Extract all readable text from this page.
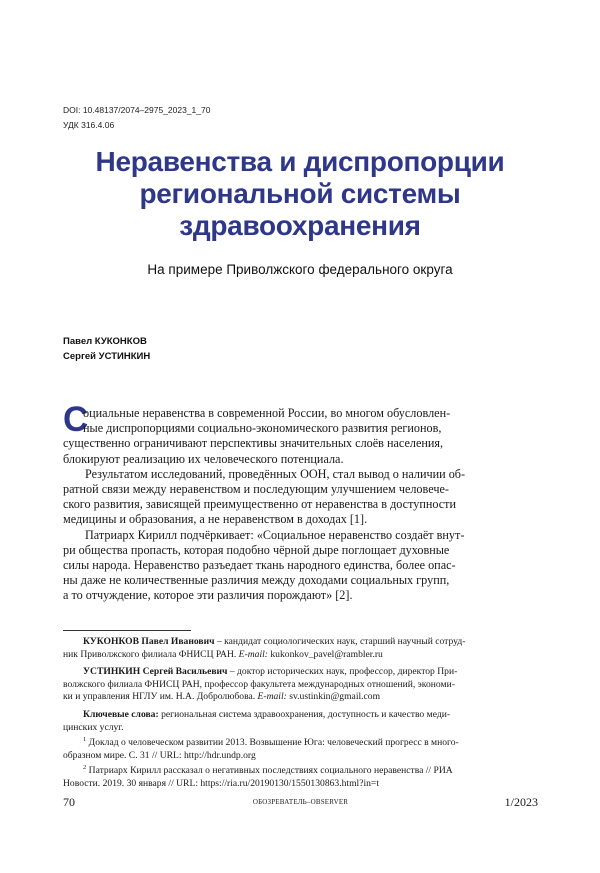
DOI: 10.48137/2074–2975_2023_1_70
УДК 316.4.06
Неравенства и диспропорции
региональной системы
здравоохранения
На примере Приволжского федерального округа
Павел КУКОНКОВ
Сергей УСТИНКИН
С
оциальные неравенства в современной России, во многом обусловлен-
ные диспропорциями социально-экономического развития регионов,
существенно ограничивают перспективы значительных слоёв населения,
блокируют реализацию их человеческого потенциала.
Результатом исследований, проведённых ООН, стал вывод о наличии об-
ратной связи между неравенством и последующим улучшением человече-
ского развития, зависящей преимущественно от неравенства в доступности
медицины и образования, а не неравенством в доходах [1].
Патриарх Кирилл подчёркивает: «Социальное неравенство создаёт внут-
ри общества пропасть, которая подобно чёрной дыре поглощает духовные
силы народа. Неравенство разъедает ткань народного единства, более опас-
ны даже не количественные различия между доходами социальных групп,
а то отчуждение, которое эти различия порождают» [2].
КУКОНКОВ Павел Иванович – кандидат социологических наук, старший научный сотруд-
ник Приволжского филиала ФНИСЦ РАН. E-mail: kukonkov_pavel@rambler.ru
УСТИНКИН Сергей Васильевич – доктор исторических наук, профессор, директор При-
волжского филиала ФНИСЦ РАН, профессор факультета международных отношений, экономи-
ки и управления НГЛУ им. Н.А. Добролюбова. E-mail: sv.ustinkin@gmail.com
Ключевые слова: региональная система здравоохранения, доступность и качество меди-
цинских услуг.
$^1$ Доклад о человеческом развитии 2013. Возвышение Юга: человеческий прогресс в много-
образном мире. С. 31 // URL: http://hdr.undp.org
$^2$ Патриарх Кирилл рассказал о негативных последствиях социального неравенства // РИА
Новости. 2019. 30 января // URL: https://ria.ru/20190130/1550130863.html?in=t
70	ОБОЗРЕВАТЕЛЬ–OBSERVER	1/2023
